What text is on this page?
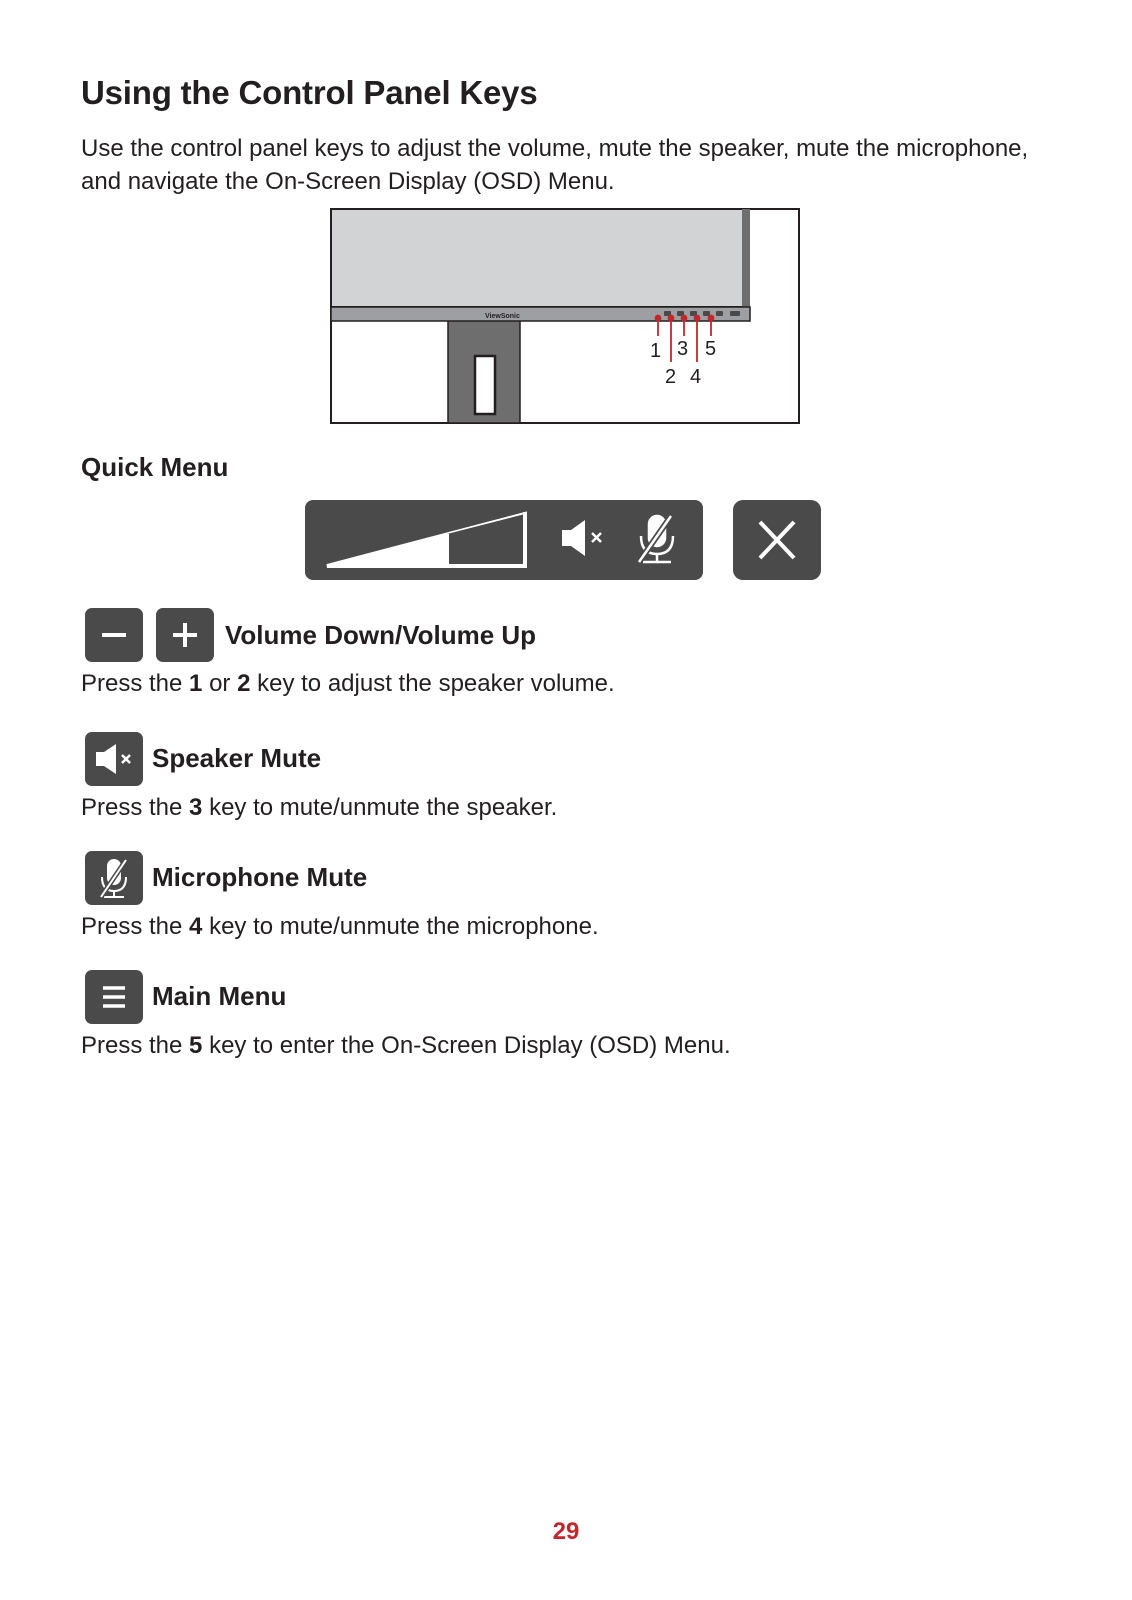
Using the Control Panel Keys

Use the control panel keys to adjust the volume, mute the speaker, mute the microphone, and navigate the On-Screen Display (OSD) Menu.

ViewSonic
1
2
3
4
5
Quick Menu
Volume Down/Volume Up

Press the 1 or 2 key to adjust the speaker volume.

Speaker Mute

Press the 3 key to mute/unmute the speaker.

Microphone Mute

Press the 4 key to mute/unmute the microphone.

Main Menu

Press the 5 key to enter the On-Screen Display (OSD) Menu.

29
